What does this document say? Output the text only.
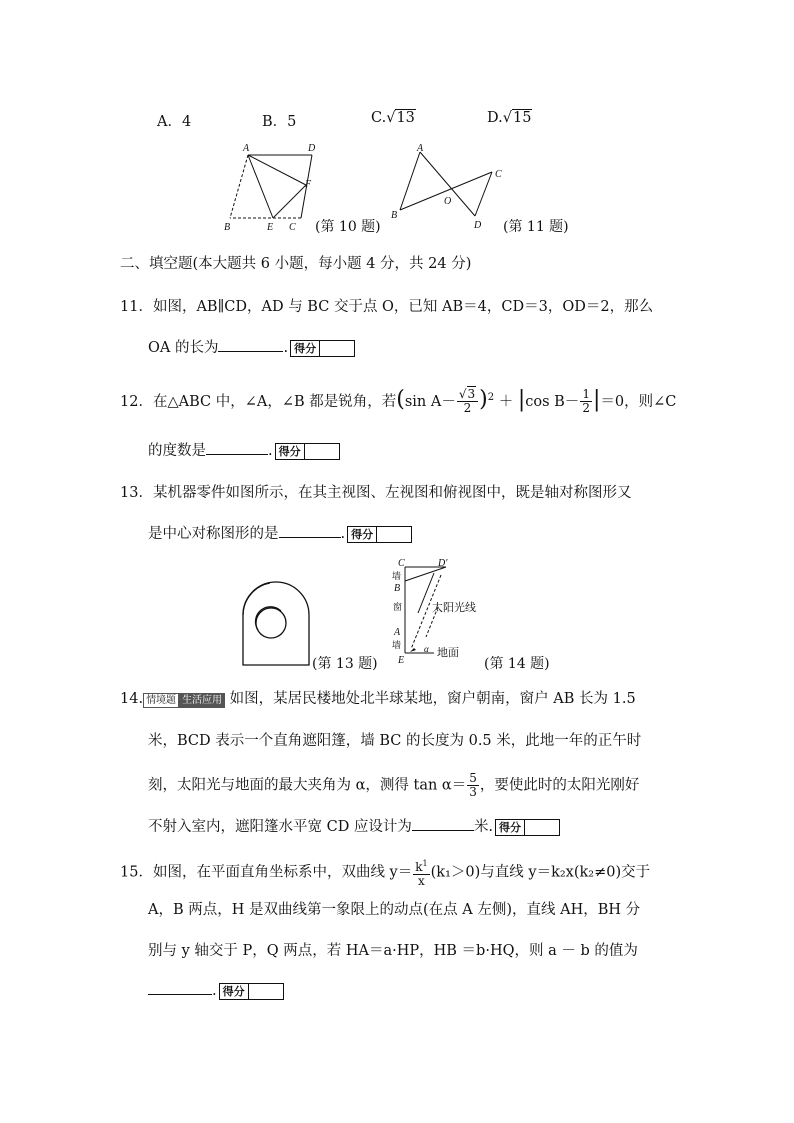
A．4	B．5	C.√13	D.√15
A	D
F
B	E C (第 10 题)
A
B
O
C
D (第 11 题)
二、填空题(本大题共 6 小题，每小题 4 分，共 24 分)
11．如图，AB∥CD，AD 与 BC 交于点 O，已知 AB＝4，CD＝3，OD＝2，那么
OA 的长为	. 得分
12．在△ABC 中，∠A，∠B 都是锐角，若(sin $A- \frac{√3}{2} )^2 + |\cos$ $B- \frac{1}{2} |=0$，则∠C
的度数是	. 得分
13．某机器零件如图所示，在其主视图、左视图和俯视图中，既是轴对称图形又
是中心对称图形的是	. 得分
(第 13 题)
C	D'
墙
B
窗
A
墙
E
α
太阳光线
地面
(第 14 题)
14. 情境题 生活应用 如图，某居民楼地处北半球某地，窗户朝南，窗户 AB 长为 1.5
米，BCD 表示一个直角遮阳篷，墙 BC 的长度为 0.5 米，此地一年的正午时
刻，太阳光与地面的最大夹角为 α，测得 $\tan \alpha= \frac{5}{3}$ ，要使此时的太阳光刚好
不射入室内，遮阳篷水平宽 CD 应设计为	米. 得分
15．如图，在平面直角坐标系中，双曲线 $y= \frac{k^1}{x} (k_1>0)$与直线 y＝k₂x(k₂≠0)交于
A，B 两点，H 是双曲线第一象限上的动点(在点 A 左侧)，直线 AH，BH 分
别与 y 轴交于 P，Q 两点，若 HA＝a·HP，HB ＝b·HQ，则 a － b 的值为
. 得分
